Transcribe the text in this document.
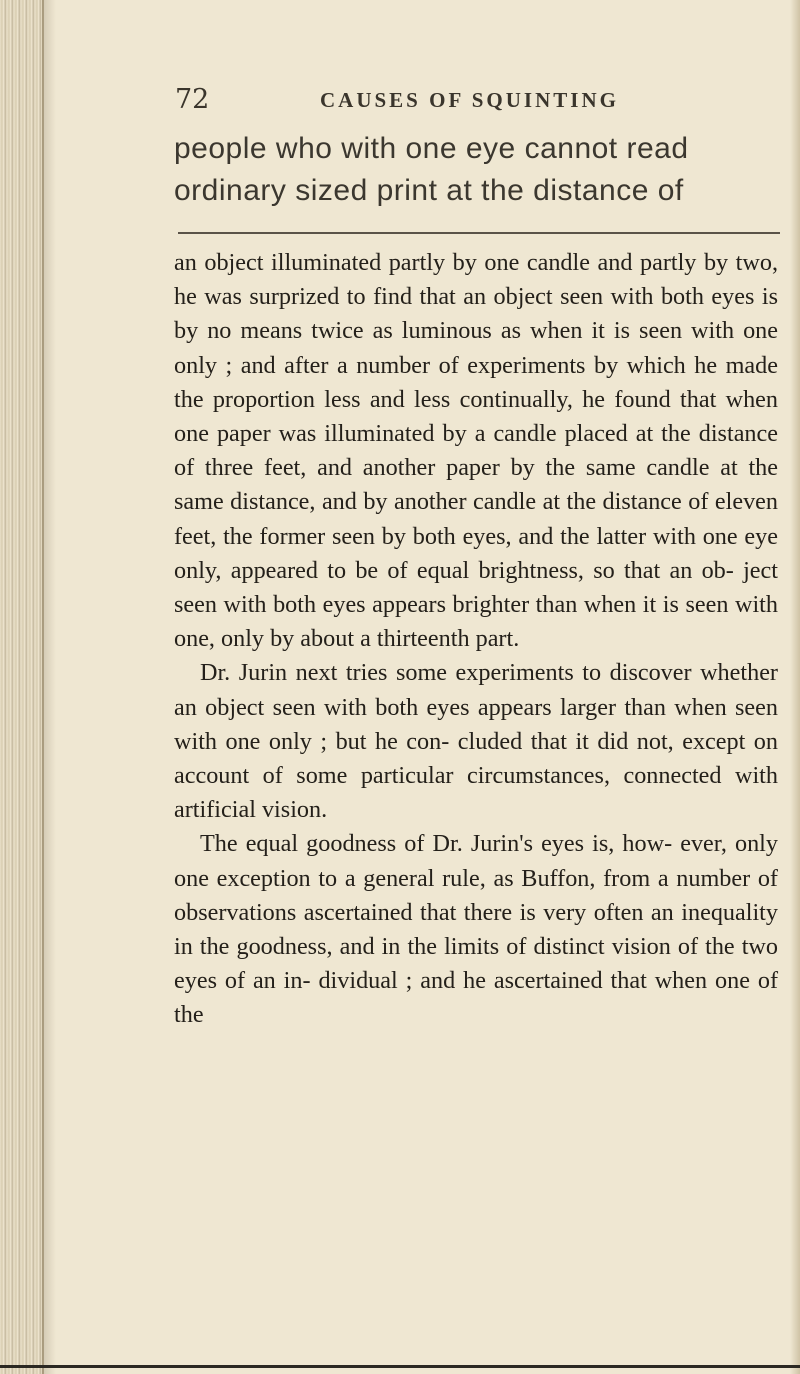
72	CAUSES OF SQUINTING
people who with one eye cannot read
ordinary sized print at the distance of

an object illuminated partly by one candle and partly by two, he was surprized to find that an object seen with both eyes is by no means twice as luminous as when it is seen with one only ; and after a number of experiments by which he made the proportion less and less continually, he found that when one paper was illuminated by a candle placed at the distance of three feet, and another paper by the same candle at the same distance, and by another candle at the distance of eleven feet, the former seen by both eyes, and the latter with one eye only, appeared to be of equal brightness, so that an ob- ject seen with both eyes appears brighter than when it is seen with one, only by about a thirteenth part.

Dr. Jurin next tries some experiments to discover whether an object seen with both eyes appears larger than when seen with one only ; but he con- cluded that it did not, except on account of some particular circumstances, connected with artificial vision.

The equal goodness of Dr. Jurin's eyes is, how- ever, only one exception to a general rule, as Buffon, from a number of observations ascertained that there is very often an inequality in the goodness, and in the limits of distinct vision of the two eyes of an in- dividual ; and he ascertained that when one of the
